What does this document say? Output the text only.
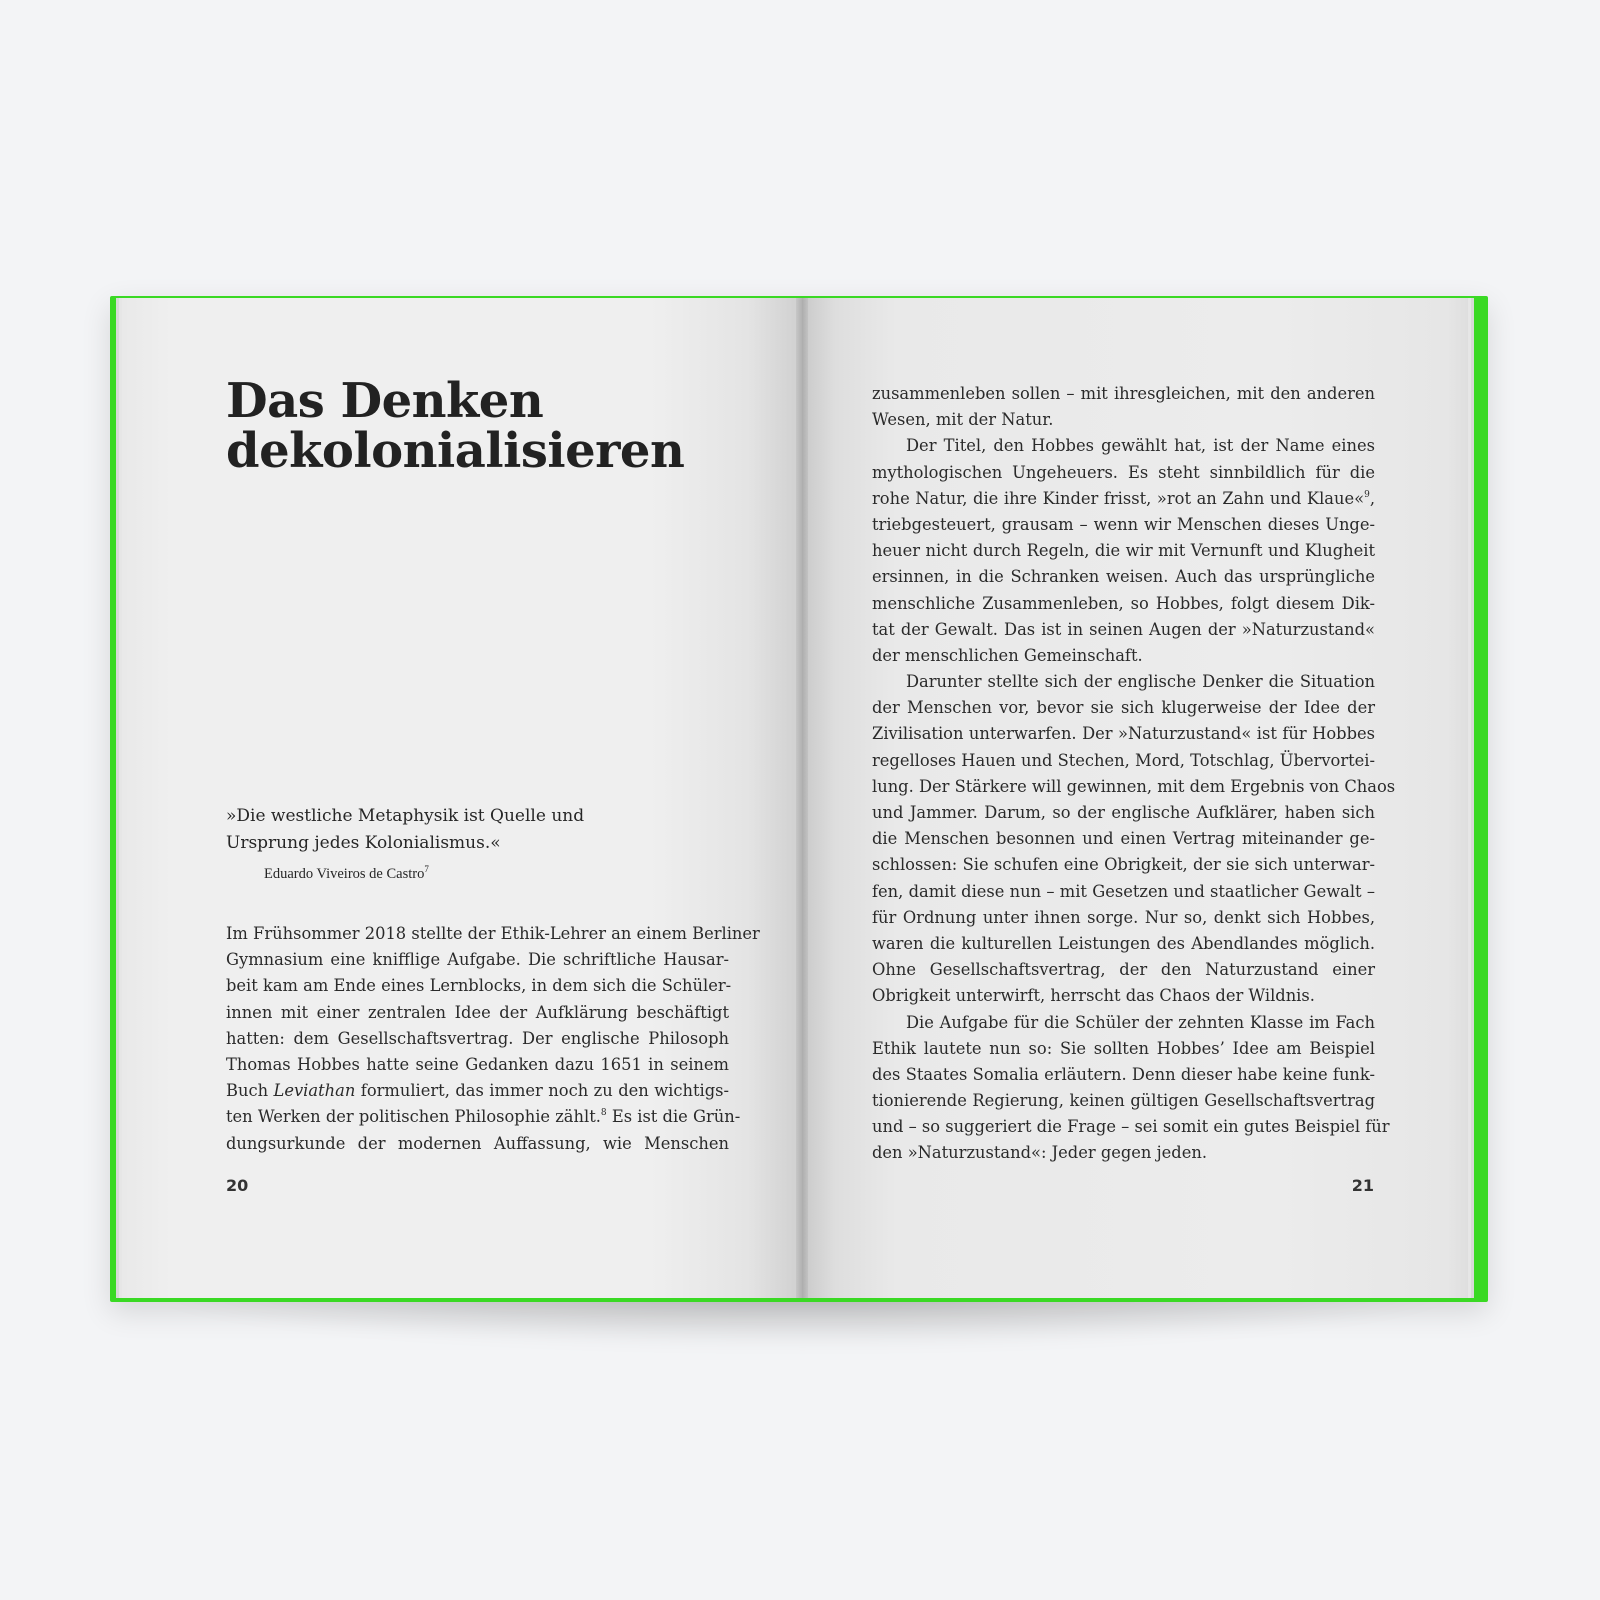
Das Denken
dekolonialisieren
»Die westliche Metaphysik ist Quelle und
Ursprung jedes Kolonialismus.«
Eduardo Viveiros de Castro$^7$
Im Frühsommer 2018 stellte der Ethik-Lehrer an einem Berliner
Gymnasium eine knifflige Aufgabe. Die schriftliche Hausar-
beit kam am Ende eines Lernblocks, in dem sich die Schüler-
innen mit einer zentralen Idee der Aufklärung beschäftigt
hatten: dem Gesellschaftsvertrag. Der englische Philosoph
Thomas Hobbes hatte seine Gedanken dazu 1651 in seinem
Buch Leviathan formuliert, das immer noch zu den wichtigs-
ten Werken der politischen Philosophie zählt.$^8$ Es ist die Grün-
dungsurkunde der modernen Auffassung, wie Menschen
20
zusammenleben sollen – mit ihresgleichen, mit den anderen
Wesen, mit der Natur.
Der Titel, den Hobbes gewählt hat, ist der Name eines
mythologischen Ungeheuers. Es steht sinnbildlich für die
rohe Natur, die ihre Kinder frisst, »rot an Zahn und Klaue«$^9$,
triebgesteuert, grausam – wenn wir Menschen dieses Unge-
heuer nicht durch Regeln, die wir mit Vernunft und Klugheit
ersinnen, in die Schranken weisen. Auch das ursprüngliche
menschliche Zusammenleben, so Hobbes, folgt diesem Dik-
tat der Gewalt. Das ist in seinen Augen der »Naturzustand«
der menschlichen Gemeinschaft.
Darunter stellte sich der englische Denker die Situation
der Menschen vor, bevor sie sich klugerweise der Idee der
Zivilisation unterwarfen. Der »Naturzustand« ist für Hobbes
regelloses Hauen und Stechen, Mord, Totschlag, Übervortei-
lung. Der Stärkere will gewinnen, mit dem Ergebnis von Chaos
und Jammer. Darum, so der englische Aufklärer, haben sich
die Menschen besonnen und einen Vertrag miteinander ge-
schlossen: Sie schufen eine Obrigkeit, der sie sich unterwar-
fen, damit diese nun – mit Gesetzen und staatlicher Gewalt –
für Ordnung unter ihnen sorge. Nur so, denkt sich Hobbes,
waren die kulturellen Leistungen des Abendlandes möglich.
Ohne Gesellschaftsvertrag, der den Naturzustand einer
Obrigkeit unterwirft, herrscht das Chaos der Wildnis.
Die Aufgabe für die Schüler der zehnten Klasse im Fach
Ethik lautete nun so: Sie sollten Hobbes’ Idee am Beispiel
des Staates Somalia erläutern. Denn dieser habe keine funk-
tionierende Regierung, keinen gültigen Gesellschaftsvertrag
und – so suggeriert die Frage – sei somit ein gutes Beispiel für
den »Naturzustand«: Jeder gegen jeden.
21
